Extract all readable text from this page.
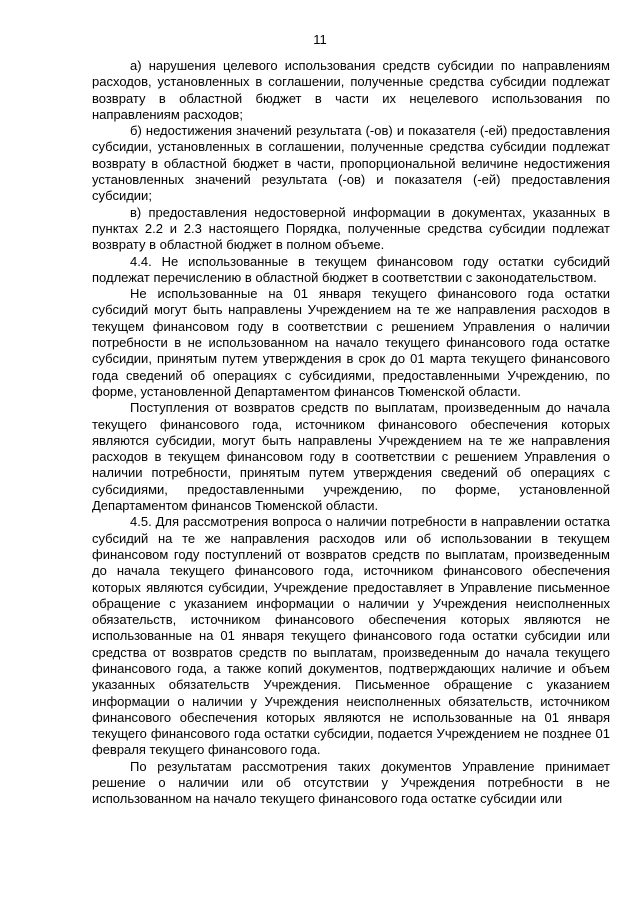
11

а) нарушения целевого использования средств субсидии по направлениям расходов, установленных в соглашении, полученные средства субсидии подлежат возврату в областной бюджет в части их нецелевого использования по направлениям расходов;

б) недостижения значений результата (-ов) и показателя (-ей) предоставления субсидии, установленных в соглашении, полученные средства субсидии подлежат возврату в областной бюджет в части, пропорциональной величине недостижения установленных значений результата (-ов) и показателя (-ей) предоставления субсидии;

в) предоставления недостоверной информации в документах, указанных в пунктах 2.2 и 2.3 настоящего Порядка, полученные средства субсидии подлежат возврату в областной бюджет в полном объеме.

4.4. Не использованные в текущем финансовом году остатки субсидий подлежат перечислению в областной бюджет в соответствии с законодательством.

Не использованные на 01 января текущего финансового года остатки субсидий могут быть направлены Учреждением на те же направления расходов в текущем финансовом году в соответствии с решением Управления о наличии потребности в не использованном на начало текущего финансового года остатке субсидии, принятым путем утверждения в срок до 01 марта текущего финансового года сведений об операциях с субсидиями, предоставленными Учреждению, по форме, установленной Департаментом финансов Тюменской области.

Поступления от возвратов средств по выплатам, произведенным до начала текущего финансового года, источником финансового обеспечения которых являются субсидии, могут быть направлены Учреждением на те же направления расходов в текущем финансовом году в соответствии с решением Управления о наличии потребности, принятым путем утверждения сведений об операциях с субсидиями, предоставленными учреждению, по форме, установленной Департаментом финансов Тюменской области.

4.5. Для рассмотрения вопроса о наличии потребности в направлении остатка субсидий на те же направления расходов или об использовании в текущем финансовом году поступлений от возвратов средств по выплатам, произведенным до начала текущего финансового года, источником финансового обеспечения которых являются субсидии, Учреждение предоставляет в Управление письменное обращение с указанием информации о наличии у Учреждения неисполненных обязательств, источником финансового обеспечения которых являются не использованные на 01 января текущего финансового года остатки субсидии или средства от возвратов средств по выплатам, произведенным до начала текущего финансового года, а также копий документов, подтверждающих наличие и объем указанных обязательств Учреждения. Письменное обращение с указанием информации о наличии у Учреждения неисполненных обязательств, источником финансового обеспечения которых являются не использованные на 01 января текущего финансового года остатки субсидии, подается Учреждением не позднее 01 февраля текущего финансового года.

По результатам рассмотрения таких документов Управление принимает решение о наличии или об отсутствии у Учреждения потребности в не использованном на начало текущего финансового года остатке субсидии или
